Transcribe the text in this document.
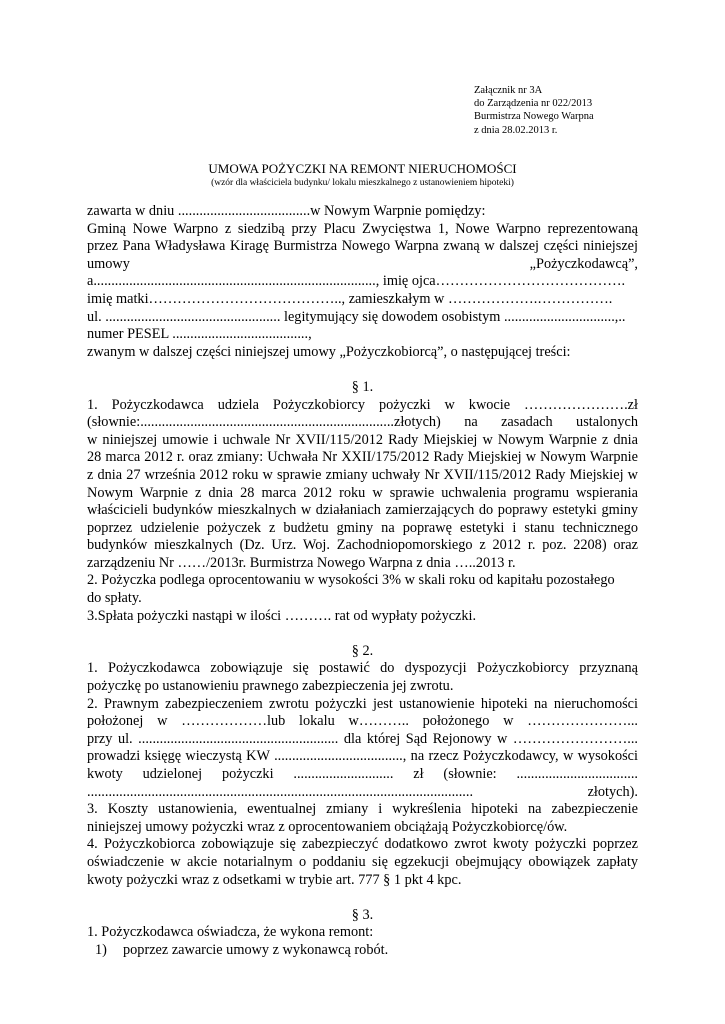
Załącznik nr 3A
do Zarządzenia nr 022/2013
Burmistrza Nowego Warpna
z dnia 28.02.2013 r.
UMOWA POŻYCZKI NA REMONT NIERUCHOMOŚCI
(wzór dla właściciela budynku/ lokalu mieszkalnego z ustanowieniem hipoteki)

zawarta w dniu .....................................w Nowym Warpnie pomiędzy:

Gminą Nowe Warpno z siedzibą przy Placu Zwycięstwa 1, Nowe Warpno reprezentowaną

przez Pana Władysława Kiragę Burmistrza Nowego Warpna zwaną w dalszej części niniejszej

umowy	„Pożyczkodawcą”,

a..............................................................................., imię ojca………………………………….

imię matki………………………………….., zamieszkałym w ……………….…………….

ul. ................................................. legitymujący się dowodem osobistym ...............................,..

numer PESEL ......................................,

zwanym w dalszej części niniejszej umowy „Pożyczkobiorcą”, o następującej treści:

§ 1.

1. Pożyczkodawca udziela Pożyczkobiorcy pożyczki w kwocie ………………….zł

(słownie:.......................................................................złotych) na zasadach ustalonych

w niniejszej umowie i uchwale Nr XVII/115/2012 Rady Miejskiej w Nowym Warpnie z dnia

28 marca 2012 r. oraz zmiany: Uchwała Nr XXII/175/2012 Rady Miejskiej w Nowym Warpnie

z dnia 27 września 2012 roku w sprawie zmiany uchwały Nr XVII/115/2012 Rady Miejskiej w

Nowym Warpnie z dnia 28 marca 2012 roku w sprawie uchwalenia programu wspierania

właścicieli budynków mieszkalnych w działaniach zamierzających do poprawy estetyki gminy

poprzez udzielenie pożyczek z budżetu gminy na poprawę estetyki i stanu technicznego

budynków mieszkalnych (Dz. Urz. Woj. Zachodniopomorskiego z 2012 r. poz. 2208) oraz

zarządzeniu Nr ……/2013r. Burmistrza Nowego Warpna z dnia …..2013 r.

2. Pożyczka podlega oprocentowaniu w wysokości 3% w skali roku od kapitału pozostałego

do spłaty.

3.Spłata pożyczki nastąpi w ilości ………. rat od wypłaty pożyczki.

§ 2.

1. Pożyczkodawca zobowiązuje się postawić do dyspozycji Pożyczkobiorcy przyznaną

pożyczkę po ustanowieniu prawnego zabezpieczenia jej zwrotu.

2. Prawnym zabezpieczeniem zwrotu pożyczki jest ustanowienie hipoteki na nieruchomości

położonej w ………………lub lokalu w……….. położonego w …………………...

przy ul. ........................................................ dla której Sąd Rejonowy w ……………………...

prowadzi księgę wieczystą KW ...................................., na rzecz Pożyczkodawcy, w wysokości

kwoty udzielonej pożyczki ............................ zł (słownie: ..................................

............................................................................................................ złotych).

3. Koszty ustanowienia, ewentualnej zmiany i wykreślenia hipoteki na zabezpieczenie

niniejszej umowy pożyczki wraz z oprocentowaniem obciążają Pożyczkobiorcę/ów.

4. Pożyczkobiorca zobowiązuje się zabezpieczyć dodatkowo zwrot kwoty pożyczki poprzez

oświadczenie w akcie notarialnym o poddaniu się egzekucji obejmujący obowiązek zapłaty

kwoty pożyczki wraz z odsetkami w trybie art. 777 § 1 pkt 4 kpc.

§ 3.

1. Pożyczkodawca oświadcza, że wykona remont:

1) poprzez zawarcie umowy z wykonawcą robót.
